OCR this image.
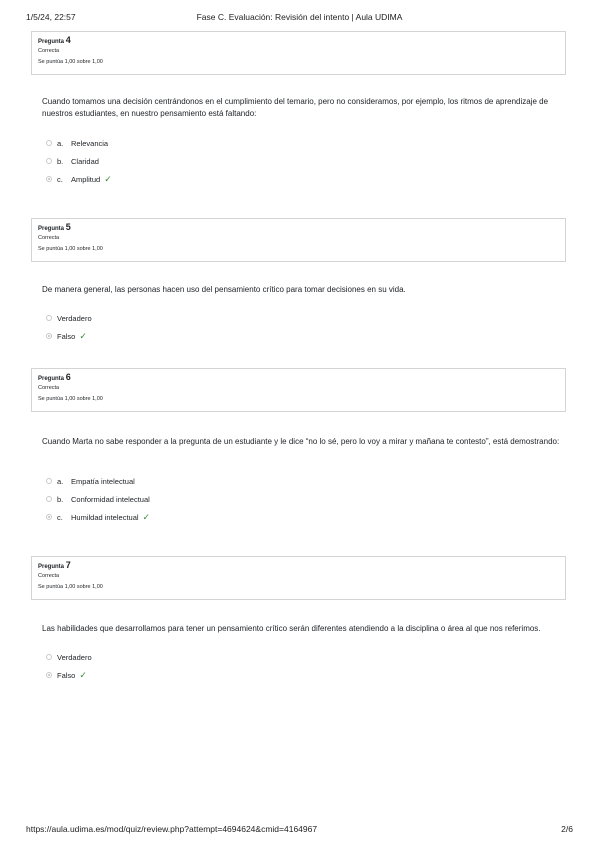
1/5/24, 22:57	Fase C. Evaluación: Revisión del intento | Aula UDIMA
Pregunta 4
Correcta
Se puntúa 1,00 sobre 1,00
Cuando tomamos una decisión centrándonos en el cumplimiento del temario, pero no consideramos, por ejemplo, los ritmos de aprendizaje de nuestros estudiantes, en nuestro pensamiento está faltando:
a.	Relevancia
b.	Claridad
c.	Amplitud ✓
Pregunta 5
Correcta
Se puntúa 1,00 sobre 1,00
De manera general, las personas hacen uso del pensamiento crítico para tomar decisiones en su vida.
Verdadero
Falso ✓
Pregunta 6
Correcta
Se puntúa 1,00 sobre 1,00
Cuando Marta no sabe responder a la pregunta de un estudiante y le dice “no lo sé, pero lo voy a mirar y mañana te contesto”, está demostrando:
a.	Empatía intelectual
b.	Conformidad intelectual
c.	Humildad intelectual ✓
Pregunta 7
Correcta
Se puntúa 1,00 sobre 1,00
Las habilidades que desarrollamos para tener un pensamiento crítico serán diferentes atendiendo a la disciplina o área al que nos referimos.
Verdadero
Falso ✓
https://aula.udima.es/mod/quiz/review.php?attempt=4694624&cmid=4164967	2/6
